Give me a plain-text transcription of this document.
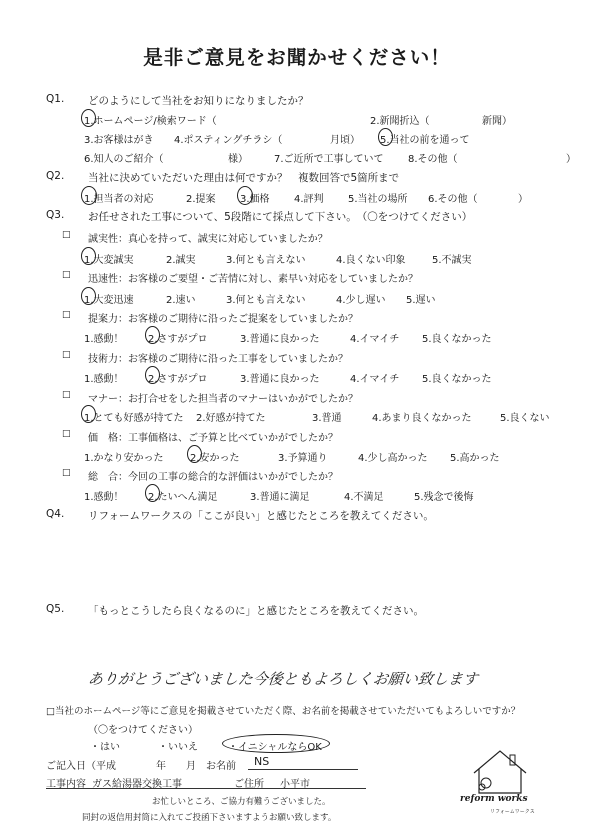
是非ご意見をお聞かせください！
Q1. どのようにして当社をお知りになりましたか？
1.ホームページ/検索ワード（	2.新聞折込（	新聞）
3.お客様はがき 4.ポスティングチラシ（	月頃） 5.当社の前を通って
6.知人のご紹介（	様）	7.ご近所で工事していて 8.その他（	）
Q2. 当社に決めていただいた理由は何ですか？　複数回答で5箇所まで
1.担当者の対応	2.提案 3.価格 4.評判 5.当社の場所 6.その他（	）
Q3. お任せされた工事について、5段階にて採点して下さい。　（〇をつけてください）
□ 誠実性：真心を持って、誠実に対応していましたか？
1.大変誠実	2.誠実	3.何とも言えない	4.良くない印象	5.不誠実
□ 迅速性：お客様のご要望・ご苦情に対し、素早い対応をしていましたか？
1.大変迅速	2.速い	3.何とも言えない	4.少し遅い 5.遅い
□ 提案力：お客様のご期待に沿ったご提案をしていましたか？
1.感動！ 2.さすがプロ	3.普通に良かった	4.イマイチ 5.良くなかった
□ 技術力：お客様のご期待に沿った工事をしていましたか？
1.感動！ 2.さすがプロ	3.普通に良かった	4.イマイチ 5.良くなかった
□ マナー：お打合せをした担当者のマナーはいかがでしたか？
1.とても好感が持てた 2.好感が持てた	3.普通	4.あまり良くなかった	5.良くない
□ 価　格：工事価格は、ご予算と比べていかがでしたか？
1.かなり安かった	2.安かった	3.予算通り	4.少し高かった 5.高かった
□ 総　合：今回の工事の総合的な評価はいかがでしたか？
1.感動！ 2.たいへん満足	3.普通に満足	4.不満足	5.残念で後悔
Q4. リフォームワークスの「ここが良い」と感じたところを教えてください。
Q5. 「もっとこうしたら良くなるのに」と感じたところを教えてください。
ありがとうございました今後ともよろしくお願い致します
□当社のホームページ等にご意見を掲載させていただく際、お名前を掲載させていただいてもよろしいですか？
（〇をつけてください）
・はい	・いいえ	・イニシャルならOK
ご記入日（平成	年 月 お名前 NS
工事内容 ガス給湯器交換工事	ご住所 小平市
お忙しいところ、ご協力有難うございました。
同封の返信用封筒に入れてご投函下さいますようお願い致します。
reform works
リフォームワークス
